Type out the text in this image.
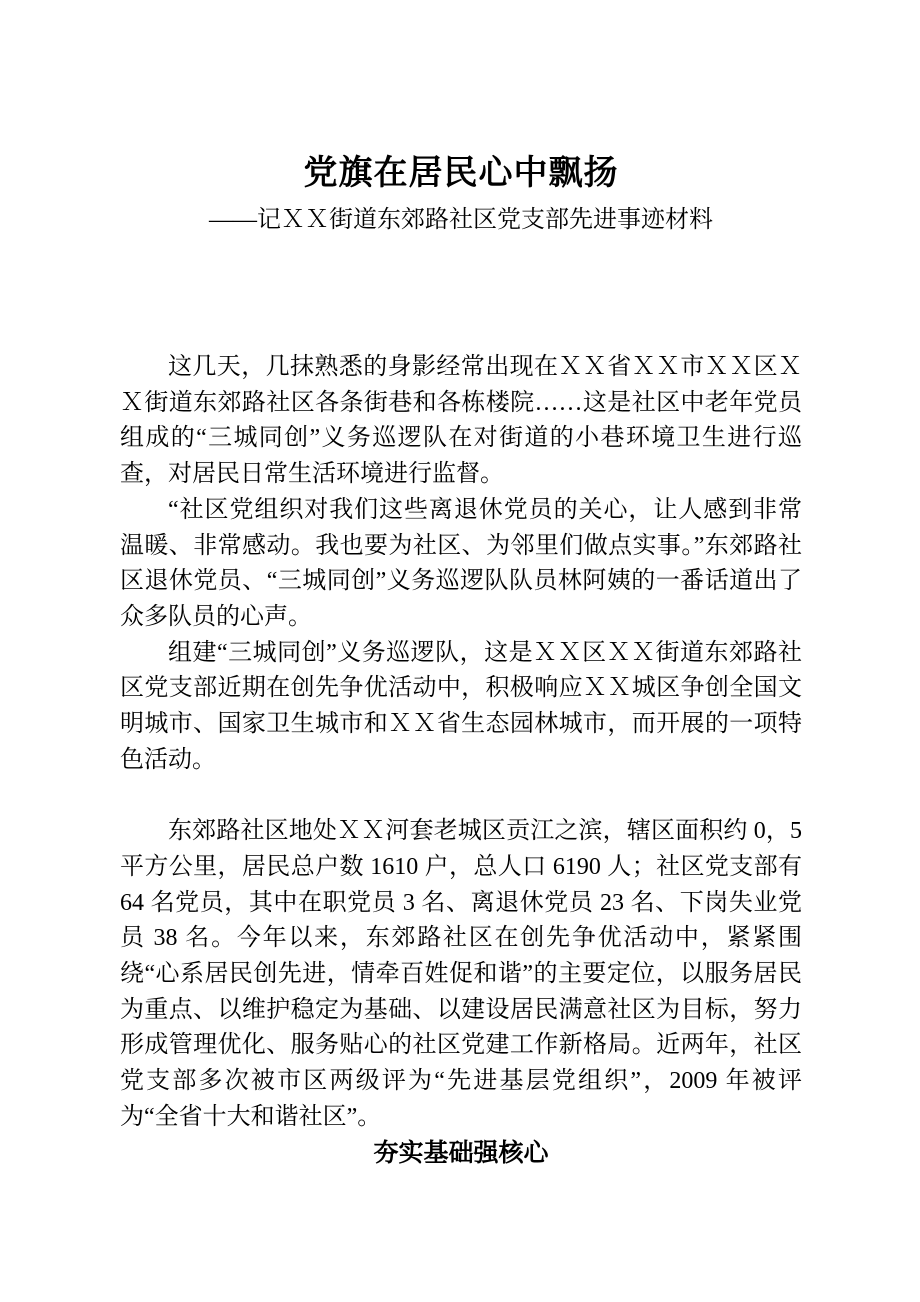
党旗在居民心中飘扬
——记ＸＸ街道东郊路社区党支部先进事迹材料

这几天，几抹熟悉的身影经常出现在ＸＸ省ＸＸ市ＸＸ区ＸＸ街道东郊路社区各条街巷和各栋楼院……这是社区中老年党员组成的“三城同创”义务巡逻队在对街道的小巷环境卫生进行巡查，对居民日常生活环境进行监督。

“社区党组织对我们这些离退休党员的关心，让人感到非常温暖、非常感动。我也要为社区、为邻里们做点实事。”东郊路社区退休党员、“三城同创”义务巡逻队队员林阿姨的一番话道出了众多队员的心声。

组建“三城同创”义务巡逻队，这是ＸＸ区ＸＸ街道东郊路社区党支部近期在创先争优活动中，积极响应ＸＸ城区争创全国文明城市、国家卫生城市和ＸＸ省生态园林城市，而开展的一项特色活动。

东郊路社区地处ＸＸ河套老城区贡江之滨，辖区面积约 0，5 平方公里，居民总户数 1610 户，总人口 6190 人；社区党支部有 64 名党员，其中在职党员 3 名、离退休党员 23 名、下岗失业党员 38 名。今年以来，东郊路社区在创先争优活动中，紧紧围绕“心系居民创先进，情牵百姓促和谐”的主要定位，以服务居民为重点、以维护稳定为基础、以建设居民满意社区为目标，努力形成管理优化、服务贴心的社区党建工作新格局。近两年，社区党支部多次被市区两级评为“先进基层党组织”，2009 年被评为“全省十大和谐社区”。

夯实基础强核心
